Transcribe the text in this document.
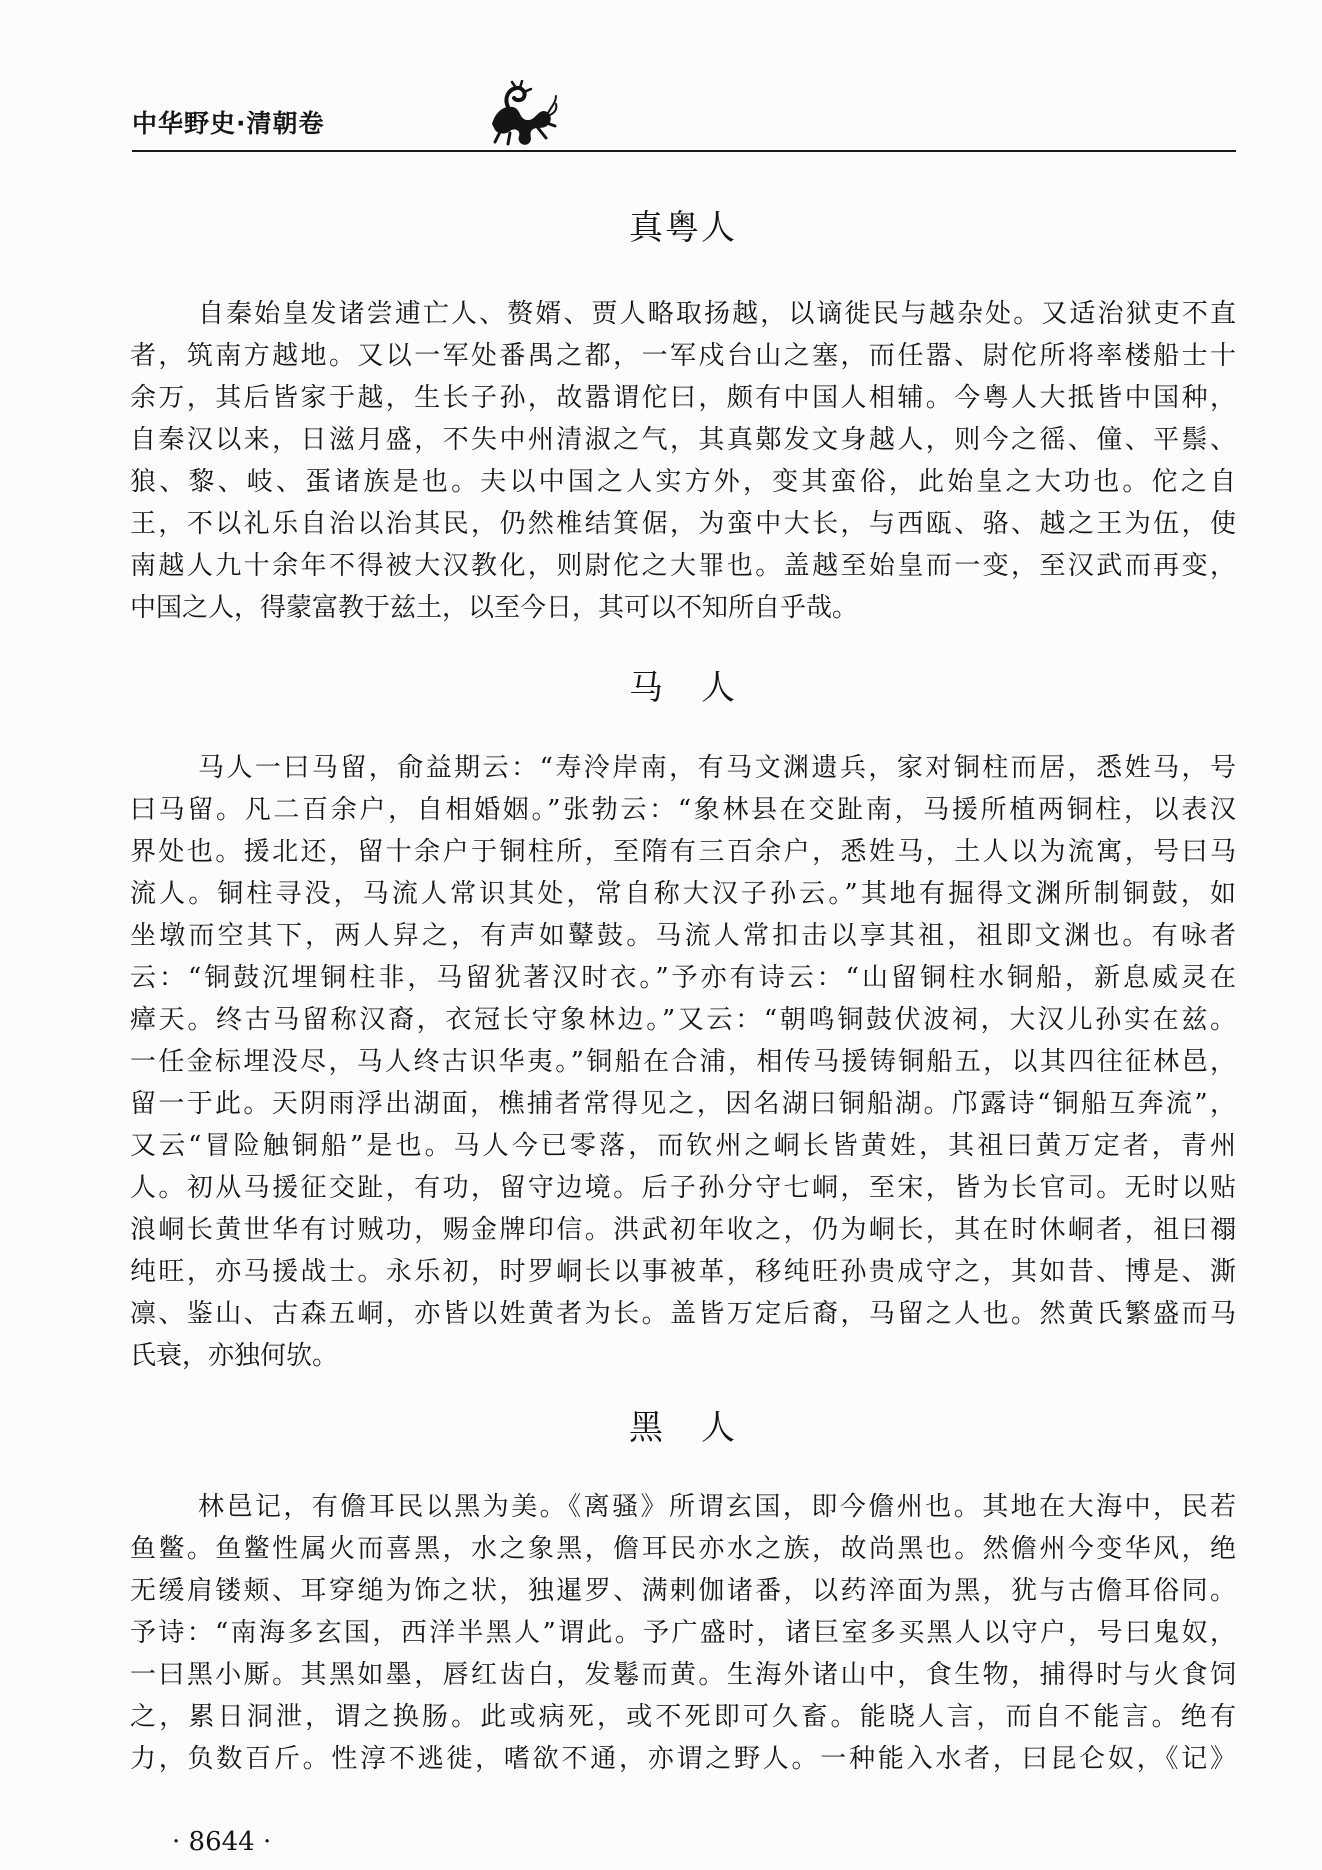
中华野史·清朝卷
真粤人
自秦始皇发诸尝逋亡人、赘婿、贾人略取扬越，以谪徙民与越杂处。又适治狱吏不直
者，筑南方越地。又以一军处番禺之都，一军戍台山之塞，而任嚣、尉佗所将率楼船士十
余万，其后皆家于越，生长子孙，故嚣谓佗曰，颇有中国人相辅。今粤人大抵皆中国种，
自秦汉以来，日滋月盛，不失中州清淑之气，其真鄚发文身越人，则今之徭、僮、平鬃、
狼、黎、岐、蛋诸族是也。夫以中国之人实方外，变其蛮俗，此始皇之大功也。佗之自
王，不以礼乐自治以治其民，仍然椎结箕倨，为蛮中大长，与西瓯、骆、越之王为伍，使
南越人九十余年不得被大汉教化，则尉佗之大罪也。盖越至始皇而一变，至汉武而再变，
中国之人，得蒙富教于兹土，以至今日，其可以不知所自乎哉。
马　人
马人一曰马留，俞益期云：“寿泠岸南，有马文渊遗兵，家对铜柱而居，悉姓马，号
曰马留。凡二百余户，自相婚姻。”张勃云：“象林县在交趾南，马援所植两铜柱，以表汉
界处也。援北还，留十余户于铜柱所，至隋有三百余户，悉姓马，土人以为流寓，号曰马
流人。铜柱寻没，马流人常识其处，常自称大汉子孙云。”其地有掘得文渊所制铜鼓，如
坐墩而空其下，两人舁之，有声如鼙鼓。马流人常扣击以享其祖，祖即文渊也。有咏者
云：“铜鼓沉埋铜柱非，马留犹著汉时衣。”予亦有诗云：“山留铜柱水铜船，新息威灵在
瘴天。终古马留称汉裔，衣冠长守象林边。”又云：“朝鸣铜鼓伏波祠，大汉儿孙实在兹。
一任金标埋没尽，马人终古识华夷。”铜船在合浦，相传马援铸铜船五，以其四往征林邑，
留一于此。天阴雨浮出湖面，樵捕者常得见之，因名湖曰铜船湖。邝露诗“铜船互奔流”，
又云“冒险触铜船”是也。马人今已零落，而钦州之峒长皆黄姓，其祖曰黄万定者，青州
人。初从马援征交趾，有功，留守边境。后子孙分守七峒，至宋，皆为长官司。无时以贴
浪峒长黄世华有讨贼功，赐金牌印信。洪武初年收之，仍为峒长，其在时休峒者，祖曰禤
纯旺，亦马援战士。永乐初，时罗峒长以事被革，移纯旺孙贵成守之，其如昔、博是、澌
凛、鉴山、古森五峒，亦皆以姓黄者为长。盖皆万定后裔，马留之人也。然黄氏繁盛而马
氏衰，亦独何欤。
黑　人
林邑记，有儋耳民以黑为美。《离骚》所谓玄国，即今儋州也。其地在大海中，民若
鱼鳖。鱼鳖性属火而喜黑，水之象黑，儋耳民亦水之族，故尚黑也。然儋州今变华风，绝
无缓肩镂颊、耳穿缒为饰之状，独暹罗、满剌伽诸番，以药淬面为黑，犹与古儋耳俗同。
予诗：“南海多玄国，西洋半黑人”谓此。予广盛时，诸巨室多买黑人以守户，号曰鬼奴，
一曰黑小厮。其黑如墨，唇红齿白，发鬈而黄。生海外诸山中，食生物，捕得时与火食饲
之，累日洞泄，谓之换肠。此或病死，或不死即可久畜。能晓人言，而自不能言。绝有
力，负数百斤。性淳不逃徙，嗜欲不通，亦谓之野人。一种能入水者，曰昆仑奴，《记》
· 8644 ·
